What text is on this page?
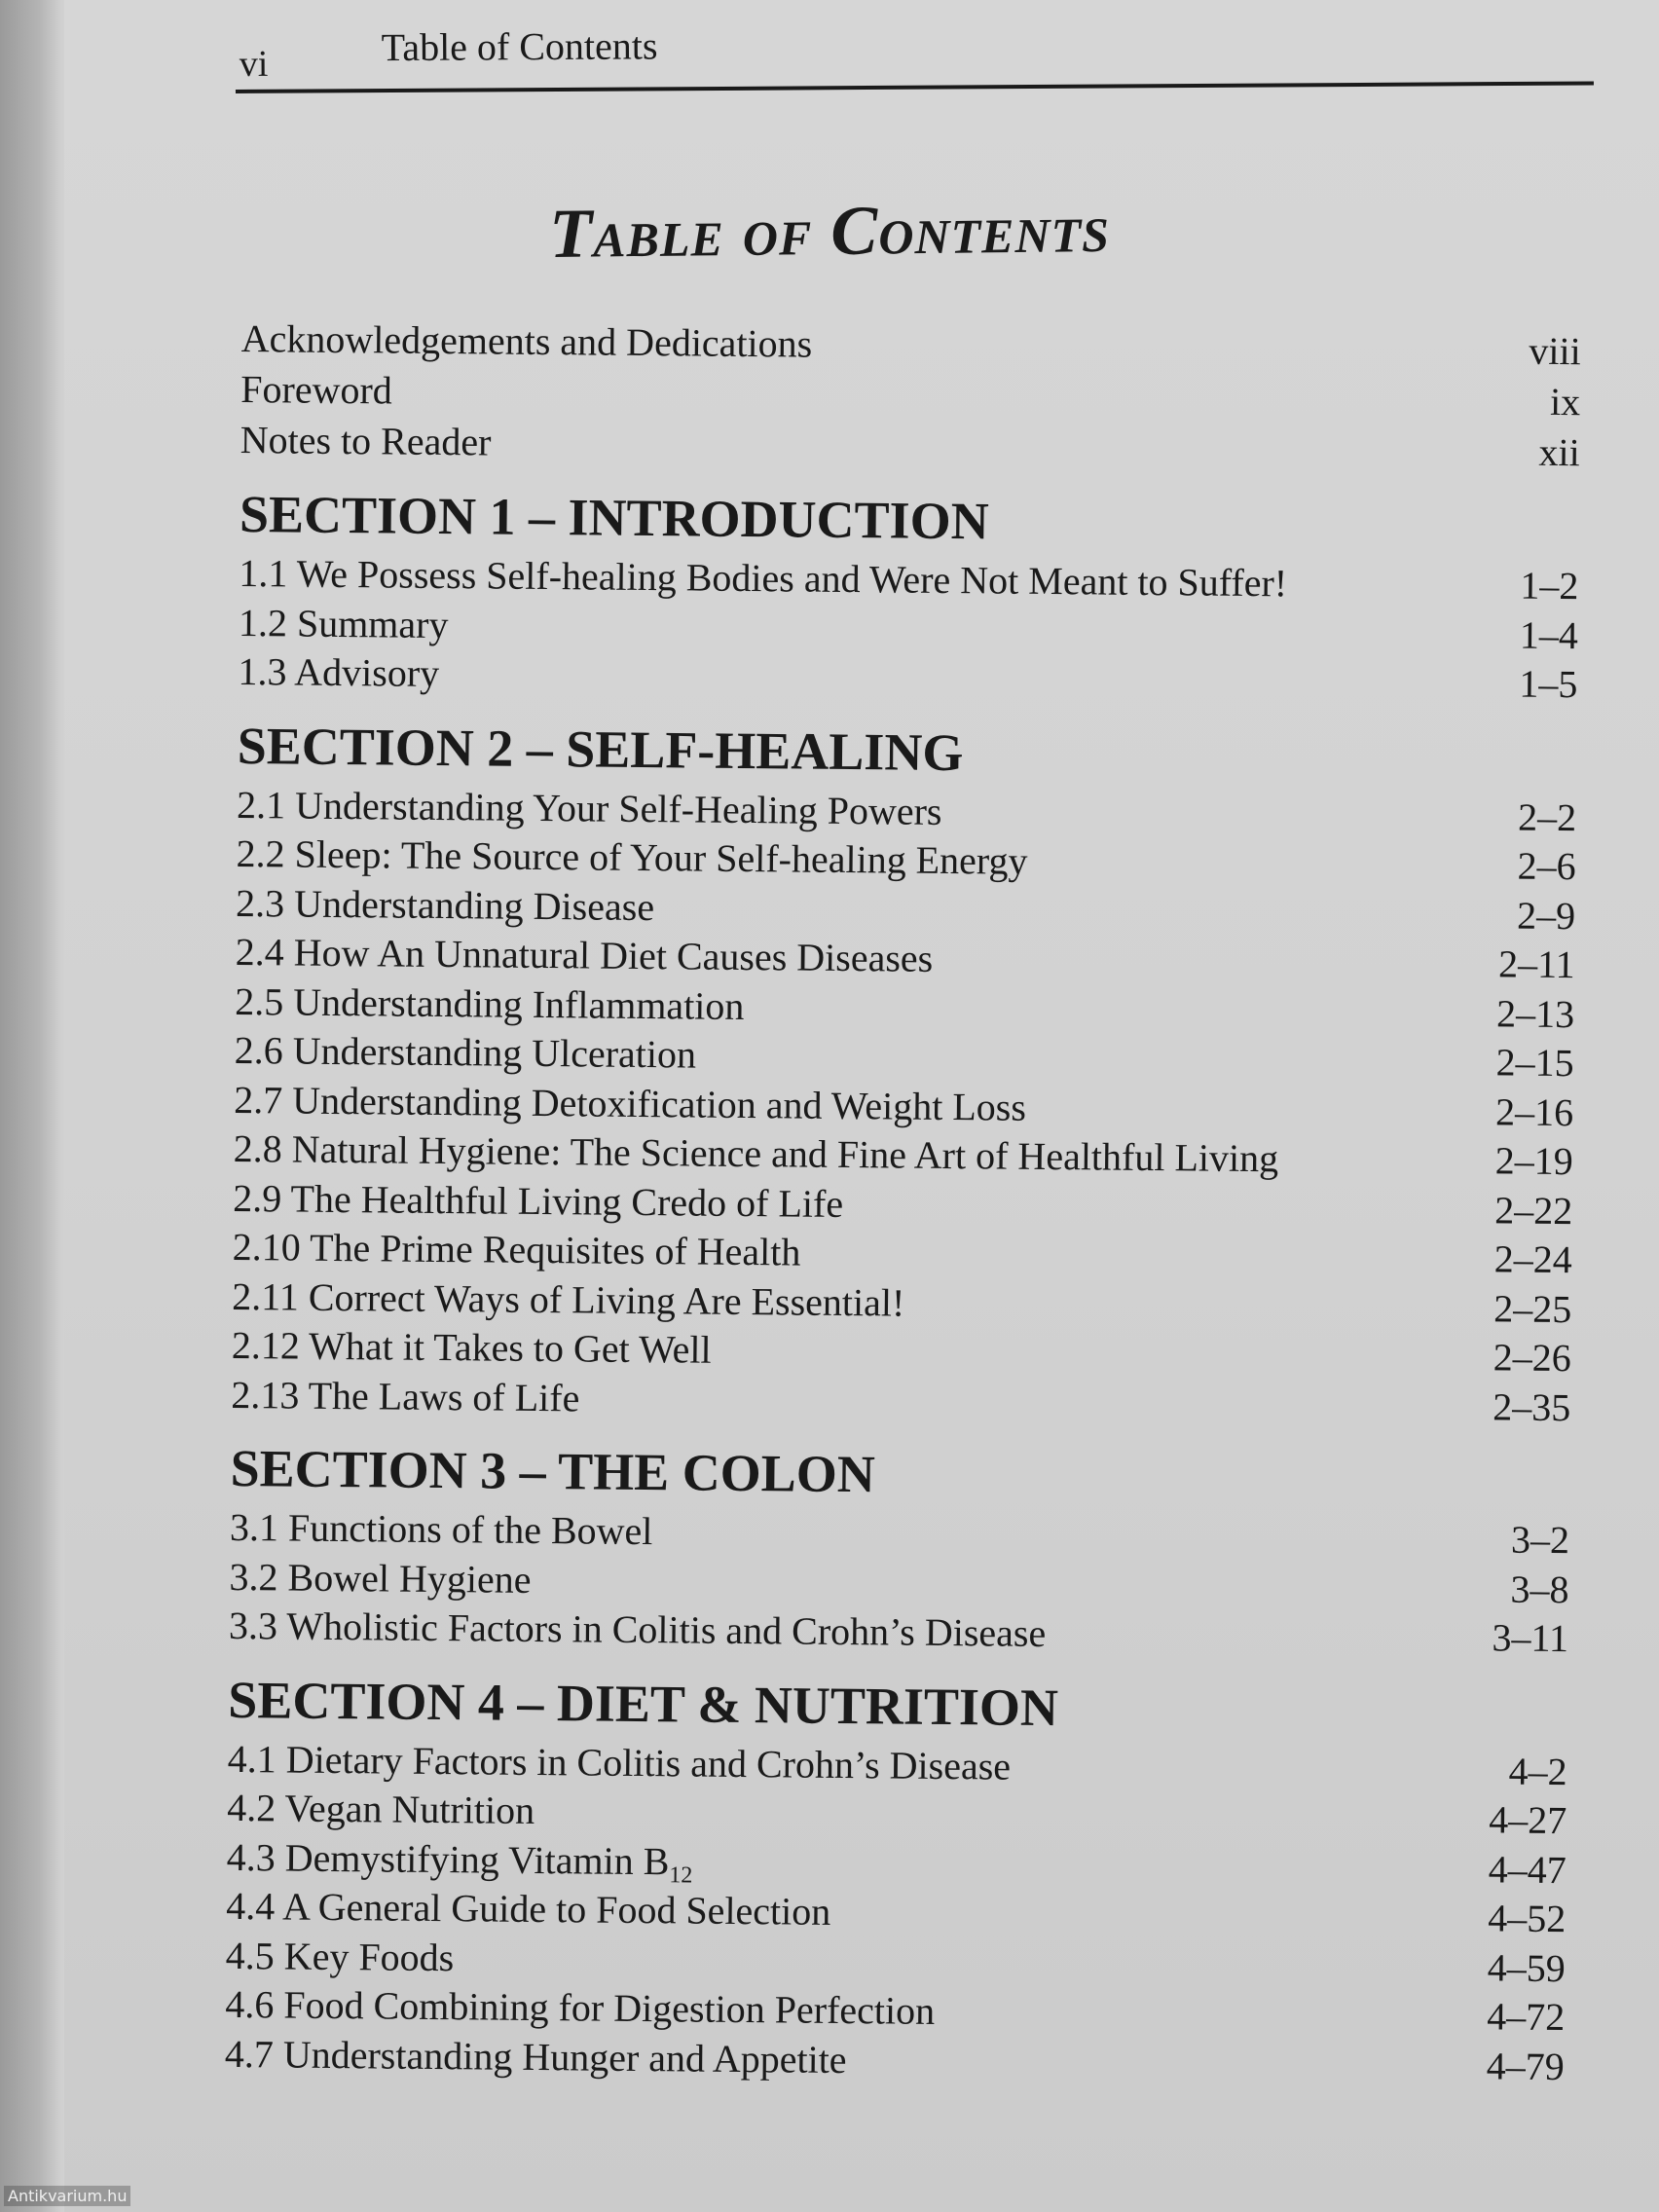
vi	Table of Contents
Table of Contents
Acknowledgements and Dedications	viii
Foreword	ix
Notes to Reader	xii
SECTION 1 – INTRODUCTION
1.1 We Possess Self-healing Bodies and Were Not Meant to Suffer!	1–2
1.2 Summary	1–4
1.3 Advisory	1–5
SECTION 2 – SELF-HEALING
2.1 Understanding Your Self-Healing Powers	2–2
2.2 Sleep: The Source of Your Self-healing Energy	2–6
2.3 Understanding Disease	2–9
2.4 How An Unnatural Diet Causes Diseases	2–11
2.5 Understanding Inflammation	2–13
2.6 Understanding Ulceration	2–15
2.7 Understanding Detoxification and Weight Loss	2–16
2.8 Natural Hygiene: The Science and Fine Art of Healthful Living	2–19
2.9 The Healthful Living Credo of Life	2–22
2.10 The Prime Requisites of Health	2–24
2.11 Correct Ways of Living Are Essential!	2–25
2.12 What it Takes to Get Well	2–26
2.13 The Laws of Life	2–35
SECTION 3 – THE COLON
3.1 Functions of the Bowel	3–2
3.2 Bowel Hygiene	3–8
3.3 Wholistic Factors in Colitis and Crohn’s Disease	3–11
SECTION 4 – DIET & NUTRITION
4.1 Dietary Factors in Colitis and Crohn’s Disease	4–2
4.2 Vegan Nutrition	4–27
4.3 Demystifying Vitamin $B_{12}$	4–47
4.4 A General Guide to Food Selection	4–52
4.5 Key Foods	4–59
4.6 Food Combining for Digestion Perfection	4–72
4.7 Understanding Hunger and Appetite	4–79
Antikvarium.hu
